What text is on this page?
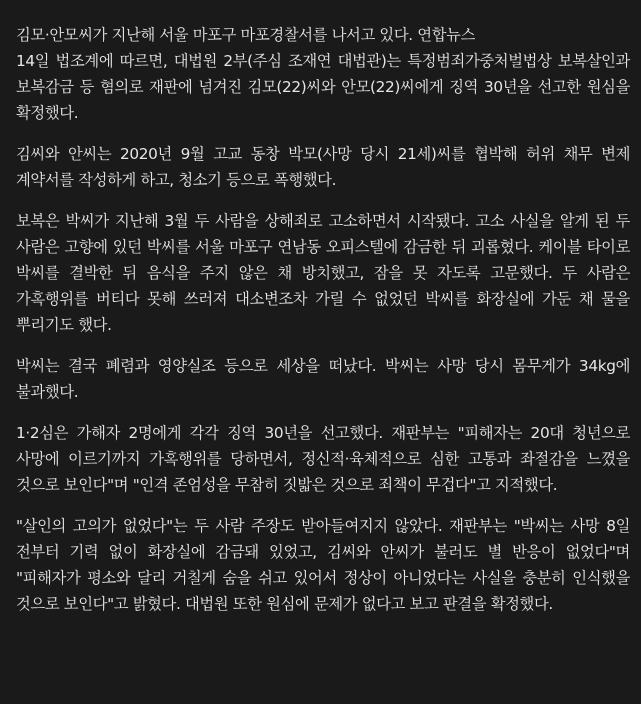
김모·안모씨가 지난해 서울 마포구 마포경찰서를 나서고 있다. 연합뉴스

14일 법조계에 따르면, 대법원 2부(주심 조재연 대법관)는 특정범죄가중처벌법상 보복살인과 보복감금 등 혐의로 재판에 넘겨진 김모(22)씨와 안모(22)씨에게 징역 30년을 선고한 원심을 확정했다.

김씨와 안씨는 2020년 9월 고교 동창 박모(사망 당시 21세)씨를 협박해 허위 채무 변제 계약서를 작성하게 하고, 청소기 등으로 폭행했다.

보복은 박씨가 지난해 3월 두 사람을 상해죄로 고소하면서 시작됐다. 고소 사실을 알게 된 두 사람은 고향에 있던 박씨를 서울 마포구 연남동 오피스텔에 감금한 뒤 괴롭혔다. 케이블 타이로 박씨를 결박한 뒤 음식을 주지 않은 채 방치했고, 잠을 못 자도록 고문했다. 두 사람은 가혹행위를 버티다 못해 쓰러져 대소변조차 가릴 수 없었던 박씨를 화장실에 가둔 채 물을 뿌리기도 했다.

박씨는 결국 폐렴과 영양실조 등으로 세상을 떠났다. 박씨는 사망 당시 몸무게가 34kg에 불과했다.

1·2심은 가해자 2명에게 각각 징역 30년을 선고했다. 재판부는 "피해자는 20대 청년으로 사망에 이르기까지 가혹행위를 당하면서, 정신적·육체적으로 심한 고통과 좌절감을 느꼈을 것으로 보인다"며 "인격 존엄성을 무참히 짓밟은 것으로 죄책이 무겁다"고 지적했다.

"살인의 고의가 없었다"는 두 사람 주장도 받아들여지지 않았다. 재판부는 "박씨는 사망 8일 전부터 기력 없이 화장실에 감금돼 있었고, 김씨와 안씨가 불러도 별 반응이 없었다"며 "피해자가 평소와 달리 거칠게 숨을 쉬고 있어서 정상이 아니었다는 사실을 충분히 인식했을 것으로 보인다"고 밝혔다. 대법원 또한 원심에 문제가 없다고 보고 판결을 확정했다.
